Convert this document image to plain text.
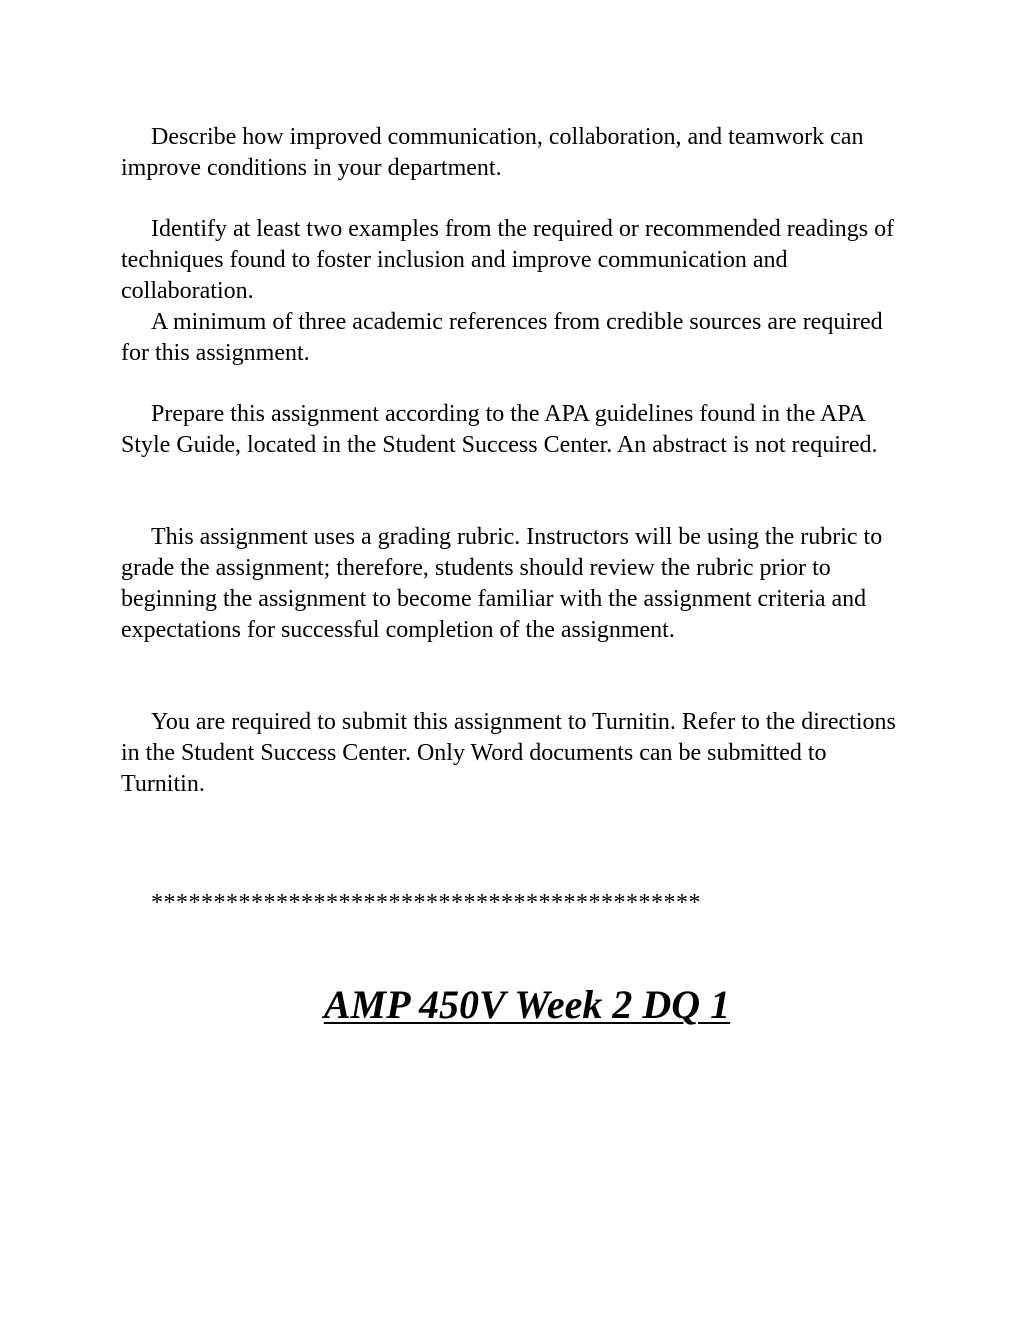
Describe how improved communication, collaboration, and teamwork can improve conditions in your department.

Identify at least two examples from the required or recommended readings of techniques found to foster inclusion and improve communication and collaboration.

A minimum of three academic references from credible sources are required for this assignment.

Prepare this assignment according to the APA guidelines found in the APA Style Guide, located in the Student Success Center. An abstract is not required.

This assignment uses a grading rubric. Instructors will be using the rubric to grade the assignment; therefore, students should review the rubric prior to beginning the assignment to become familiar with the assignment criteria and expectations for successful completion of the assignment.

You are required to submit this assignment to Turnitin. Refer to the directions in the Student Success Center. Only Word documents can be submitted to Turnitin.

********************************************

AMP 450V Week 2 DQ 1
